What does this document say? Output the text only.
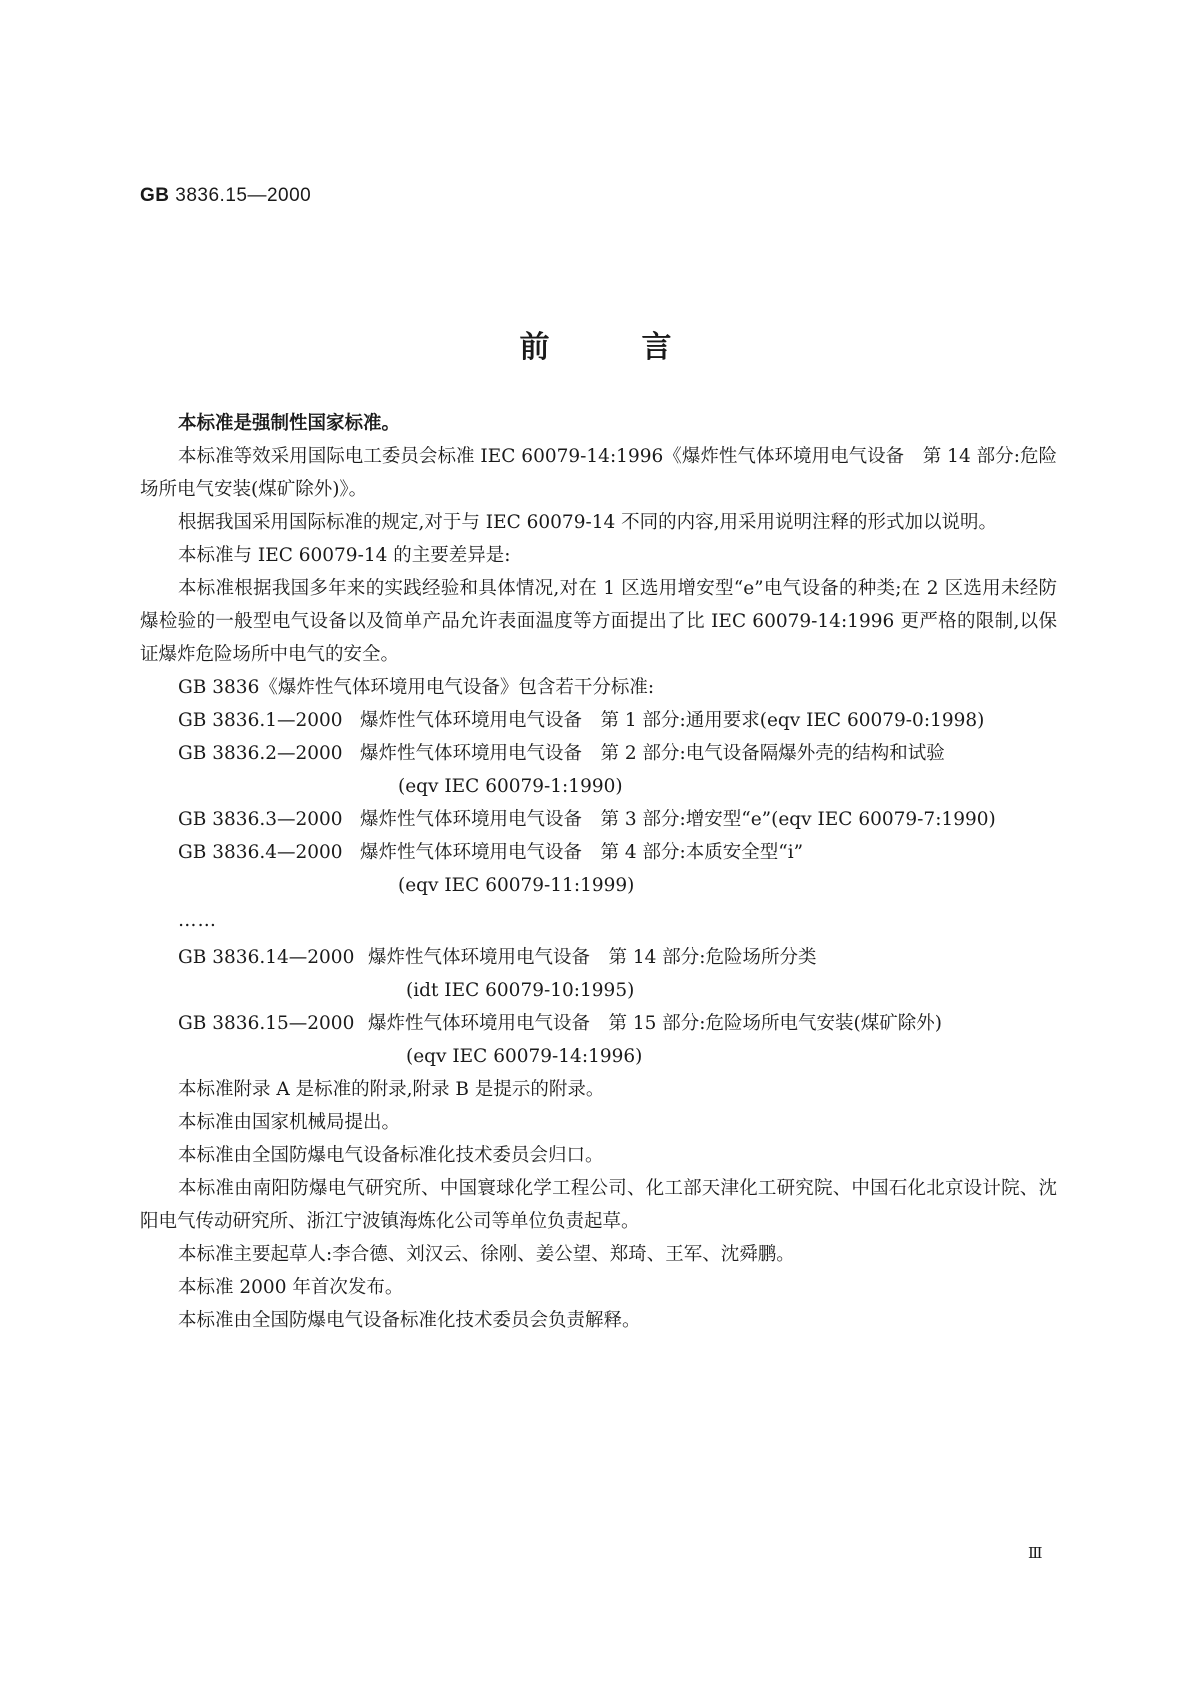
GB 3836.15—2000
前言

本标准是强制性国家标准。

本标准等效采用国际电工委员会标准 IEC 60079-14:1996《爆炸性气体环境用电气设备　第 14 部分:危险场所电气安装(煤矿除外)》。

根据我国采用国际标准的规定,对于与 IEC 60079-14 不同的内容,用采用说明注释的形式加以说明。

本标准与 IEC 60079-14 的主要差异是:

本标准根据我国多年来的实践经验和具体情况,对在 1 区选用增安型“e”电气设备的种类;在 2 区选用未经防爆检验的一般型电气设备以及简单产品允许表面温度等方面提出了比 IEC 60079-14:1996 更严格的限制,以保证爆炸危险场所中电气的安全。

GB 3836《爆炸性气体环境用电气设备》包含若干分标准:

GB 3836.1—2000 爆炸性气体环境用电气设备　第 1 部分:通用要求(eqv IEC 60079-0:1998)
GB 3836.2—2000 爆炸性气体环境用电气设备　第 2 部分:电气设备隔爆外壳的结构和试验
(eqv IEC 60079-1:1990)
GB 3836.3—2000 爆炸性气体环境用电气设备　第 3 部分:增安型“e”(eqv IEC 60079-7:1990)
GB 3836.4—2000 爆炸性气体环境用电气设备　第 4 部分:本质安全型“i”
(eqv IEC 60079-11:1999)
……
GB 3836.14—2000 爆炸性气体环境用电气设备　第 14 部分:危险场所分类
(idt IEC 60079-10:1995)
GB 3836.15—2000 爆炸性气体环境用电气设备　第 15 部分:危险场所电气安装(煤矿除外)
(eqv IEC 60079-14:1996)

本标准附录 A 是标准的附录,附录 B 是提示的附录。

本标准由国家机械局提出。

本标准由全国防爆电气设备标准化技术委员会归口。

本标准由南阳防爆电气研究所、中国寰球化学工程公司、化工部天津化工研究院、中国石化北京设计院、沈阳电气传动研究所、浙江宁波镇海炼化公司等单位负责起草。

本标准主要起草人:李合德、刘汉云、徐刚、姜公望、郑琦、王军、沈舜鹏。

本标准 2000 年首次发布。

本标准由全国防爆电气设备标准化技术委员会负责解释。

Ⅲ
